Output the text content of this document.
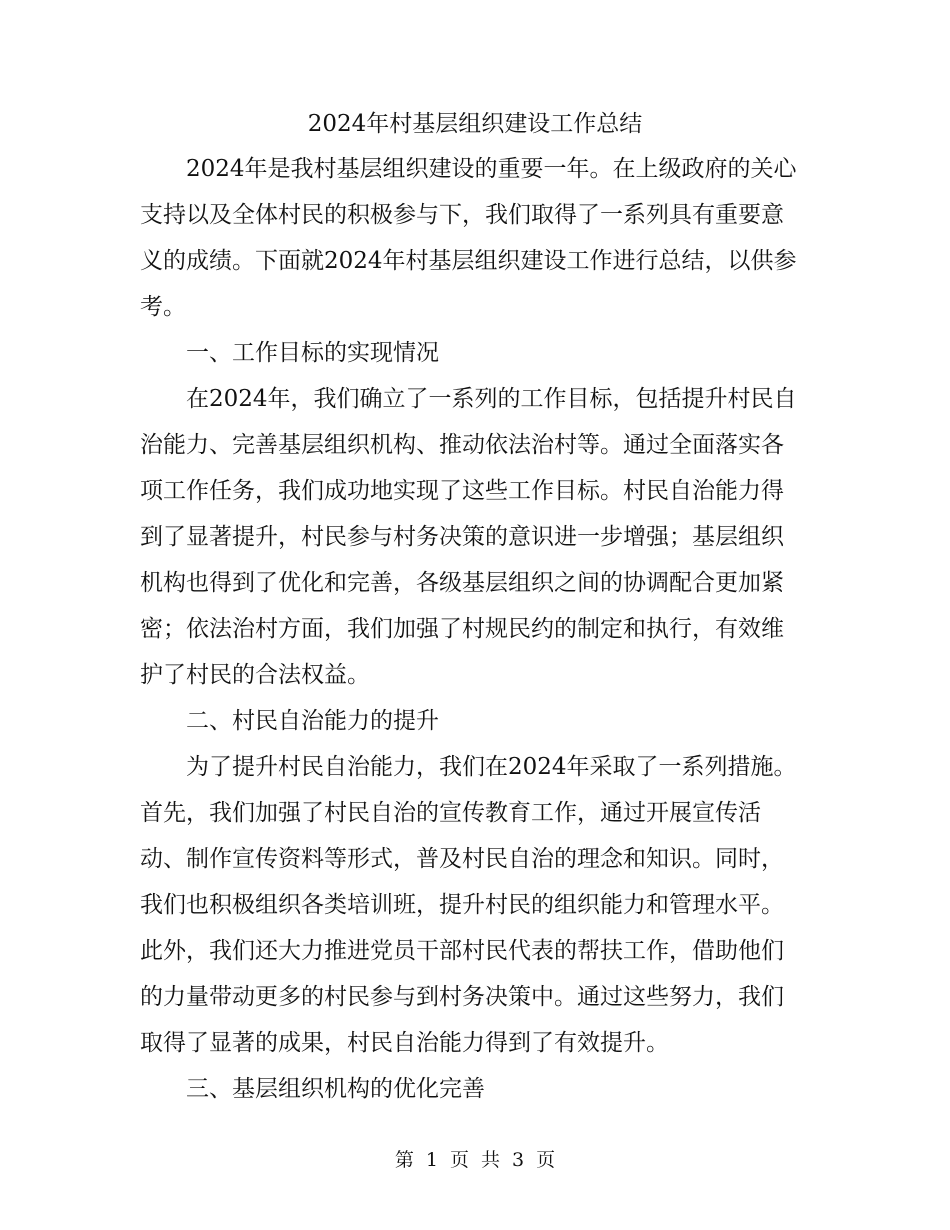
2024年村基层组织建设工作总结

2024年是我村基层组织建设的重要一年。在上级政府的关心
支持以及全体村民的积极参与下，我们取得了一系列具有重要意
义的成绩。下面就2024年村基层组织建设工作进行总结，以供参
考。

一、工作目标的实现情况

在2024年，我们确立了一系列的工作目标，包括提升村民自
治能力、完善基层组织机构、推动依法治村等。通过全面落实各
项工作任务，我们成功地实现了这些工作目标。村民自治能力得
到了显著提升，村民参与村务决策的意识进一步增强；基层组织
机构也得到了优化和完善，各级基层组织之间的协调配合更加紧
密；依法治村方面，我们加强了村规民约的制定和执行，有效维
护了村民的合法权益。

二、村民自治能力的提升

为了提升村民自治能力，我们在2024年采取了一系列措施。
首先，我们加强了村民自治的宣传教育工作，通过开展宣传活
动、制作宣传资料等形式，普及村民自治的理念和知识。同时，
我们也积极组织各类培训班，提升村民的组织能力和管理水平。
此外，我们还大力推进党员干部村民代表的帮扶工作，借助他们
的力量带动更多的村民参与到村务决策中。通过这些努力，我们
取得了显著的成果，村民自治能力得到了有效提升。

三、基层组织机构的优化完善

第 1 页 共 3 页
